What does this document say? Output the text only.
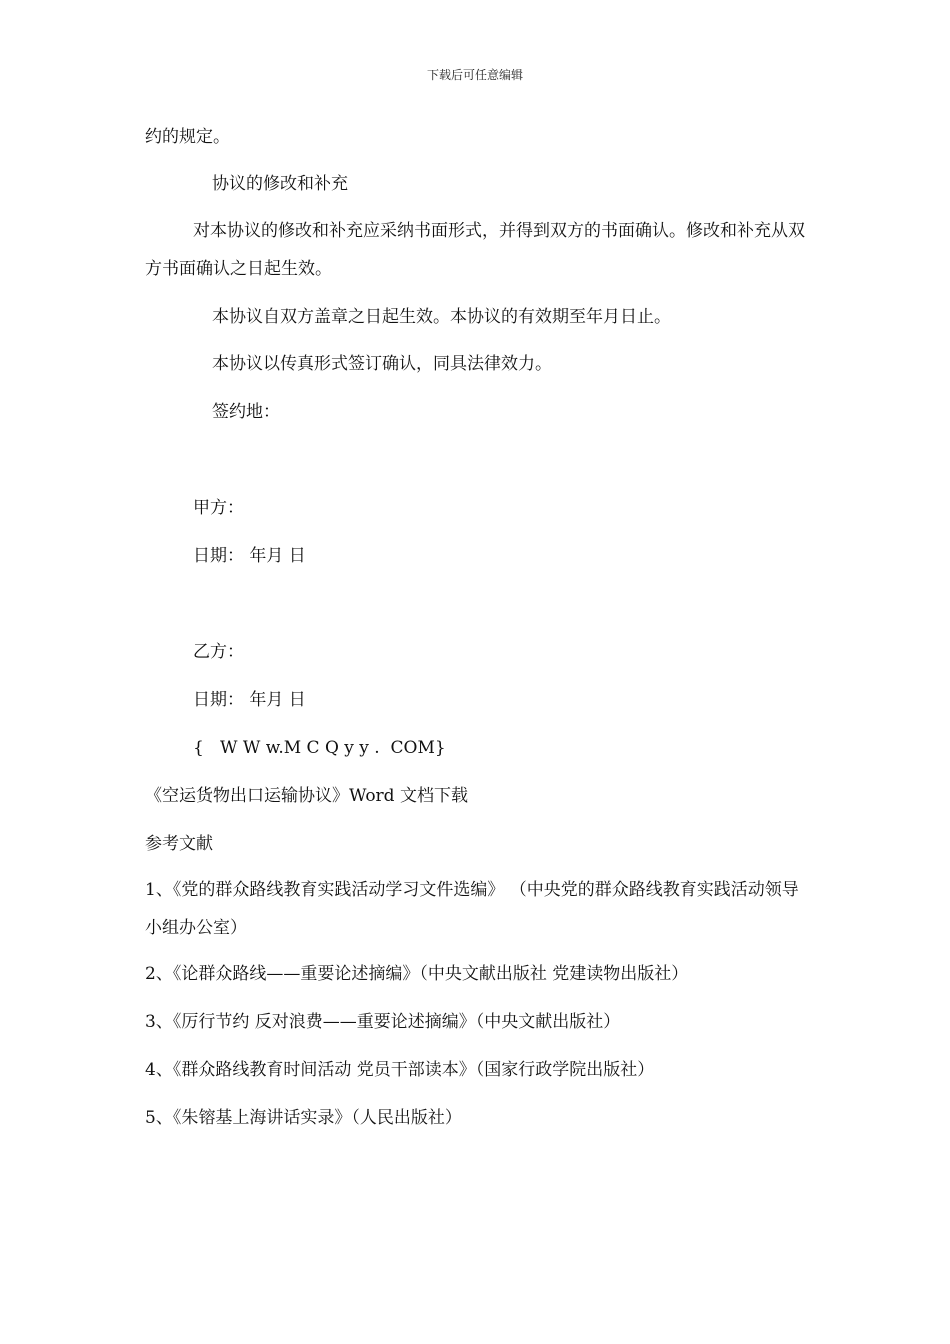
下载后可任意编辑
约的规定。
协议的修改和补充
对本协议的修改和补充应采纳书面形式，并得到双方的书面确认。修改和补充从双方书面确认之日起生效。
本协议自双方盖章之日起生效。本协议的有效期至年月日止。
本协议以传真形式签订确认，同具法律效力。
签约地：
甲方：
日期： 年月 日
乙方：
日期： 年月 日
{   W W w.M C Q y y .  COM}
《空运货物出口运输协议》Word 文档下载
参考文献
1、《党的群众路线教育实践活动学习文件选编》 （中央党的群众路线教育实践活动领导小组办公室）
2、《论群众路线——重要论述摘编》（中央文献出版社 党建读物出版社）
3、《厉行节约 反对浪费——重要论述摘编》（中央文献出版社）
4、《群众路线教育时间活动 党员干部读本》（国家行政学院出版社）
5、《朱镕基上海讲话实录》（人民出版社）
